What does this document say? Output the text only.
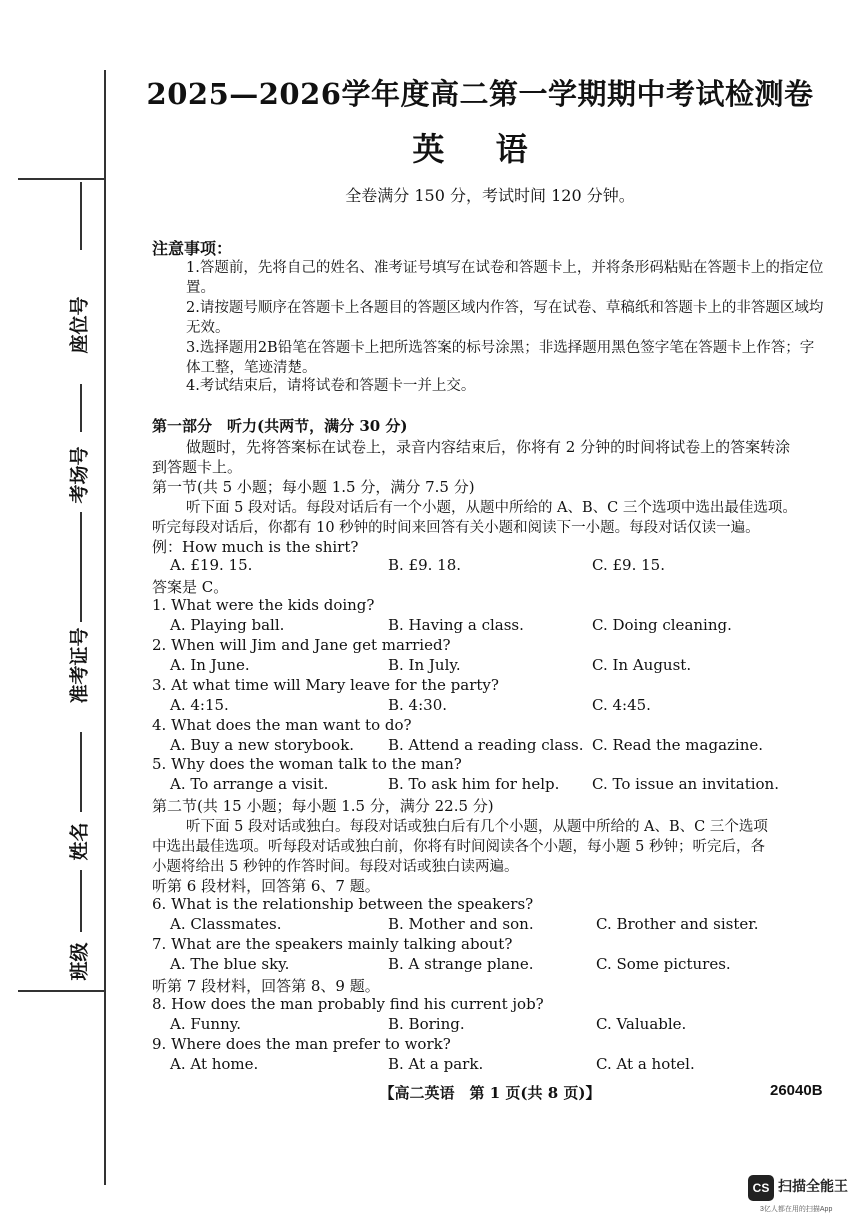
座位号
考场号
准考证号
姓名
班级
2025—2026学年度高二第一学期期中考试检测卷
英 语
全卷满分 150 分，考试时间 120 分钟。
注意事项：
1.答题前，先将自己的姓名、准考证号填写在试卷和答题卡上，并将条形码粘贴在答题卡上的指定位置。
2.请按题号顺序在答题卡上各题目的答题区域内作答，写在试卷、草稿纸和答题卡上的非答题区域均无效。
3.选择题用2B铅笔在答题卡上把所选答案的标号涂黑；非选择题用黑色签字笔在答题卡上作答；字体工整，笔迹清楚。
4.考试结束后，请将试卷和答题卡一并上交。
第一部分　听力(共两节，满分 30 分)
做题时，先将答案标在试卷上，录音内容结束后，你将有 2 分钟的时间将试卷上的答案转涂
到答题卡上。
第一节(共 5 小题；每小题 1.5 分，满分 7.5 分)
听下面 5 段对话。每段对话后有一个小题，从题中所给的 A、B、C 三个选项中选出最佳选项。
听完每段对话后，你都有 10 秒钟的时间来回答有关小题和阅读下一小题。每段对话仅读一遍。
例：How much is the shirt?
A. £19. 15.	B. £9. 18.	C. £9. 15.
答案是 C。
1. What were the kids doing?
A. Playing ball.	B. Having a class.	C. Doing cleaning.
2. When will Jim and Jane get married?
A. In June.	B. In July.	C. In August.
3. At what time will Mary leave for the party?
A. 4:15.	B. 4:30.	C. 4:45.
4. What does the man want to do?
A. Buy a new storybook. B. Attend a reading class. C. Read the magazine.
5. Why does the woman talk to the man?
A. To arrange a visit.	B. To ask him for help. C. To issue an invitation.
第二节(共 15 小题；每小题 1.5 分，满分 22.5 分)
听下面 5 段对话或独白。每段对话或独白后有几个小题，从题中所给的 A、B、C 三个选项
中选出最佳选项。听每段对话或独白前，你将有时间阅读各个小题，每小题 5 秒钟；听完后，各
小题将给出 5 秒钟的作答时间。每段对话或独白读两遍。
听第 6 段材料，回答第 6、7 题。
6. What is the relationship between the speakers?
A. Classmates.	B. Mother and son.	C. Brother and sister.
7. What are the speakers mainly talking about?
A. The blue sky.	B. A strange plane.	C. Some pictures.
听第 7 段材料，回答第 8、9 题。
8. How does the man probably find his current job?
A. Funny.	B. Boring.	C. Valuable.
9. Where does the man prefer to work?
A. At home.	B. At a park.	C. At a hotel.
【高二英语　第 1 页(共 8 页)】	26040B
CS 扫描全能王
3亿人都在用的扫描App
